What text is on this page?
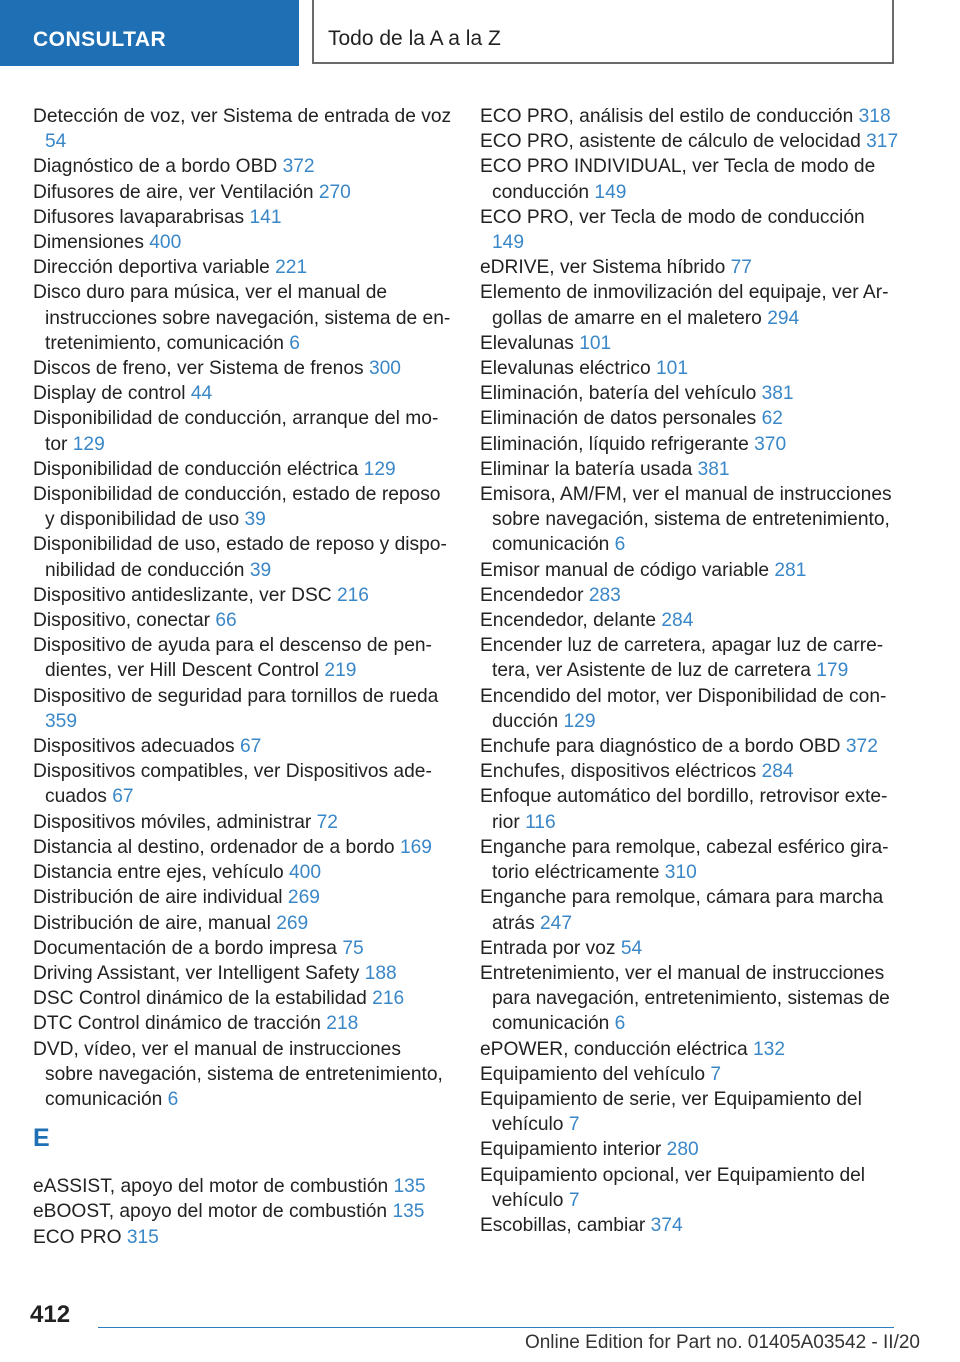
CONSULTAR	Todo de la A a la Z
Detección de voz, ver Sistema de entrada de voz 54
Diagnóstico de a bordo OBD 372
Difusores de aire, ver Ventilación 270
Difusores lavaparabrisas 141
Dimensiones 400
Dirección deportiva variable 221
Disco duro para música, ver el manual de instrucciones sobre navegación, sistema de entretenimiento, comunicación 6
Discos de freno, ver Sistema de frenos 300
Display de control 44
Disponibilidad de conducción, arranque del motor 129
Disponibilidad de conducción eléctrica 129
Disponibilidad de conducción, estado de reposo y disponibilidad de uso 39
Disponibilidad de uso, estado de reposo y disponibilidad de conducción 39
Dispositivo antideslizante, ver DSC 216
Dispositivo, conectar 66
Dispositivo de ayuda para el descenso de pendientes, ver Hill Descent Control 219
Dispositivo de seguridad para tornillos de rueda 359
Dispositivos adecuados 67
Dispositivos compatibles, ver Dispositivos adecuados 67
Dispositivos móviles, administrar 72
Distancia al destino, ordenador de a bordo 169
Distancia entre ejes, vehículo 400
Distribución de aire individual 269
Distribución de aire, manual 269
Documentación de a bordo impresa 75
Driving Assistant, ver Intelligent Safety 188
DSC Control dinámico de la estabilidad 216
DTC Control dinámico de tracción 218
DVD, vídeo, ver el manual de instrucciones sobre navegación, sistema de entretenimiento, comunicación 6
E
eASSIST, apoyo del motor de combustión 135
eBOOST, apoyo del motor de combustión 135
ECO PRO 315
ECO PRO, análisis del estilo de conducción 318
ECO PRO, asistente de cálculo de velocidad 317
ECO PRO INDIVIDUAL, ver Tecla de modo de conducción 149
ECO PRO, ver Tecla de modo de conducción 149
eDRIVE, ver Sistema híbrido 77
Elemento de inmovilización del equipaje, ver Argollas de amarre en el maletero 294
Elevalunas 101
Elevalunas eléctrico 101
Eliminación, batería del vehículo 381
Eliminación de datos personales 62
Eliminación, líquido refrigerante 370
Eliminar la batería usada 381
Emisora, AM/FM, ver el manual de instrucciones sobre navegación, sistema de entretenimiento, comunicación 6
Emisor manual de código variable 281
Encendedor 283
Encendedor, delante 284
Encender luz de carretera, apagar luz de carretera, ver Asistente de luz de carretera 179
Encendido del motor, ver Disponibilidad de conducción 129
Enchufe para diagnóstico de a bordo OBD 372
Enchufes, dispositivos eléctricos 284
Enfoque automático del bordillo, retrovisor exterior 116
Enganche para remolque, cabezal esférico giratorio eléctricamente 310
Enganche para remolque, cámara para marcha atrás 247
Entrada por voz 54
Entretenimiento, ver el manual de instrucciones para navegación, entretenimiento, sistemas de comunicación 6
ePOWER, conducción eléctrica 132
Equipamiento del vehículo 7
Equipamiento de serie, ver Equipamiento del vehículo 7
Equipamiento interior 280
Equipamiento opcional, ver Equipamiento del vehículo 7
Escobillas, cambiar 374
412
Online Edition for Part no. 01405A03542 - II/20
